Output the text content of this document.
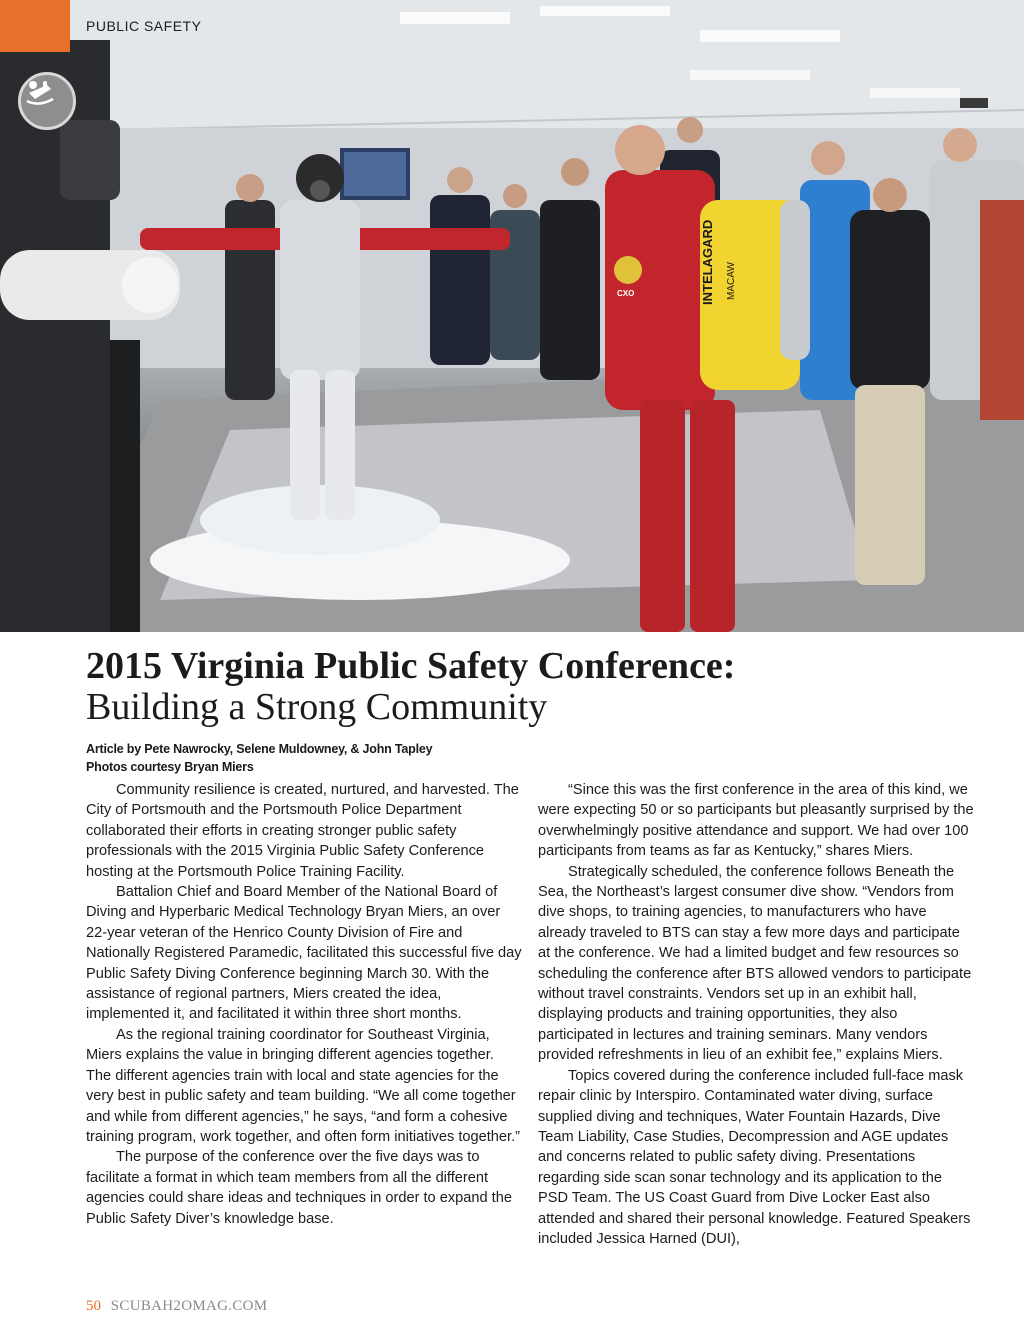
INTELAGARD MACAW
CXO
PUBLIC SAFETY
2015 Virginia Public Safety Conference:
Building a Strong Community
Article by Pete Nawrocky, Selene Muldowney, & John Tapley
Photos courtesy Bryan Miers

Community resilience is created, nurtured, and harvested. The City of Portsmouth and the Portsmouth Police Department collaborated their efforts in creating stronger public safety professionals with the 2015 Virginia Public Safety Conference hosting at the Portsmouth Police Training Facility.

Battalion Chief and Board Member of the National Board of Diving and Hyperbaric Medical Technology Bryan Miers, an over 22-year veteran of the Henrico County Division of Fire and Nationally Registered Paramedic, facilitated this successful five day Public Safety Diving Conference beginning March 30. With the assistance of regional partners, Miers created the idea, implemented it, and facilitated it within three short months.

As the regional training coordinator for Southeast Virginia, Miers explains the value in bringing different agencies together. The different agencies train with local and state agencies for the very best in public safety and team building. “We all come together and while from different agencies,” he says, “and form a cohesive training program, work together, and often form initiatives together.”

The purpose of the conference over the five days was to facilitate a format in which team members from all the different agencies could share ideas and techniques in order to expand the Public Safety Diver’s knowledge base.

“Since this was the first conference in the area of this kind, we were expecting 50 or so participants but pleasantly surprised by the overwhelmingly positive attendance and support. We had over 100 participants from teams as far as Kentucky,” shares Miers.

Strategically scheduled, the conference follows Beneath the Sea, the Northeast’s largest consumer dive show. “Vendors from dive shops, to training agencies, to manufacturers who have already traveled to BTS can stay a few more days and participate at the conference. We had a limited budget and few resources so scheduling the conference after BTS allowed vendors to participate without travel constraints. Vendors set up in an exhibit hall, displaying products and training opportunities, they also participated in lectures and training seminars. Many vendors provided refreshments in lieu of an exhibit fee,” explains Miers.

Topics covered during the conference included full-face mask repair clinic by Interspiro. Contaminated water diving, surface supplied diving and techniques, Water Fountain Hazards, Dive Team Liability, Case Studies, Decompression and AGE updates and concerns related to public safety diving. Presentations regarding side scan sonar technology and its application to the PSD Team. The US Coast Guard from Dive Locker East also attended and shared their personal knowledge. Featured Speakers included Jessica Harned (DUI),

50 SCUBAH2OMAG.COM
